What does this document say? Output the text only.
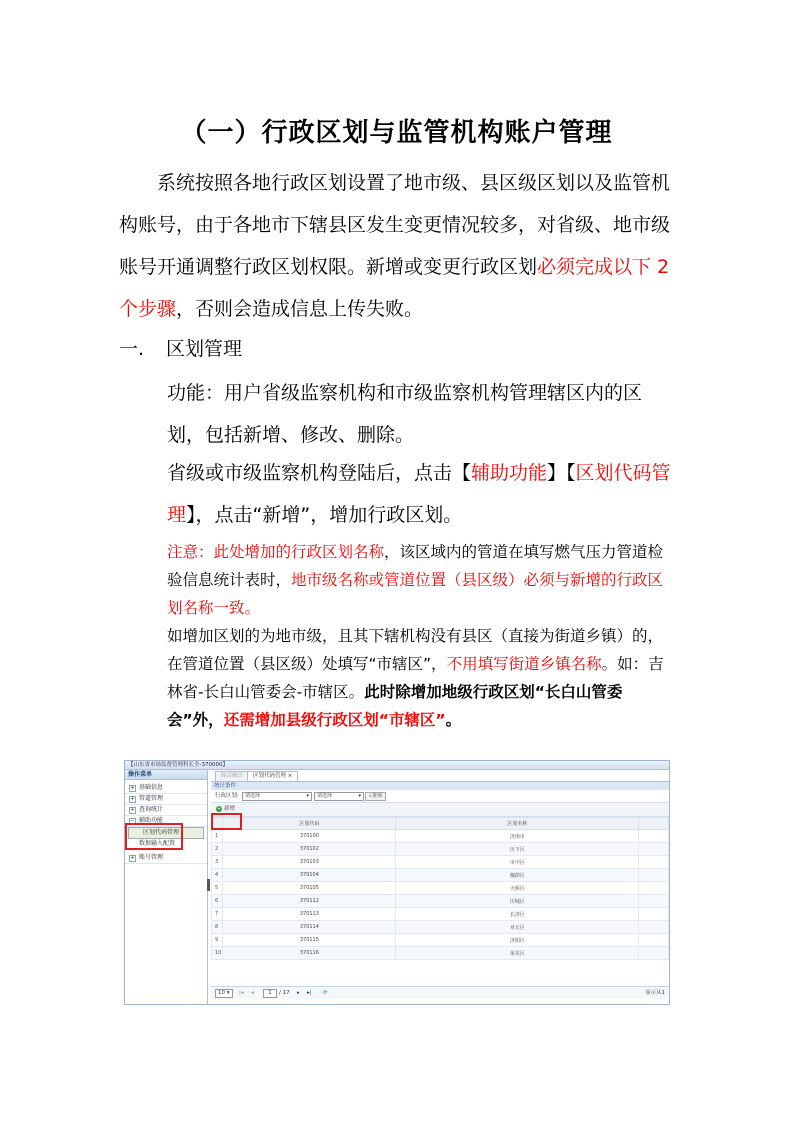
（一）行政区划与监管机构账户管理

系统按照各地行政区划设置了地市级、县区级区划以及监管机构账号，由于各地市下辖县区发生变更情况较多，对省级、地市级账号开通调整行政区划权限。新增或变更行政区划必须完成以下 2 个步骤，否则会造成信息上传失败。

一. 区划管理

功能：用户省级监察机构和市级监察机构管理辖区内的区划，包括新增、修改、删除。

省级或市级监察机构登陆后，点击【辅助功能】【区划代码管理】，点击“新增”，增加行政区划。

注意：此处增加的行政区划名称，该区域内的管道在填写燃气压力管道检验信息统计表时，地市级名称或管道位置（县区级）必须与新增的行政区划名称一致。
如增加区划的为地市级，且其下辖机构没有县区（直接为街道乡镇）的，在管道位置（县区级）处填写“市辖区”，不用填写街道乡镇名称。如：吉林省-长白山管委会-市辖区。此时除增加地级行政区划“长白山管委会”外，还需增加县级行政区划“市辖区”。

【山东省市场监督管理科长全-370000】
操作菜单
+ 基础信息
+ 管道管理
+ 查询统计
− 辅助功能
区划代码管理
数据输入配置
+ 账号管理
综合统计	区划代码管理 ×
统计条件
行政区划:	请选择	▾	请选择	▾	⌕查询
+ 新增
	区划代码	区划名称	
1	370100	济南市	
2	370102	历下区	
3	370103	市中区	
4	370104	槐荫区	
5	370105	天桥区	
6	370112	历城区	
7	370113	长清区	
8	370114	章丘区	
9	370115	济阳区	
10	370116	莱芜区	
10 ▾	|◂ ◂	1	/ 17 ▸ ▸| ⟳	显示从1
